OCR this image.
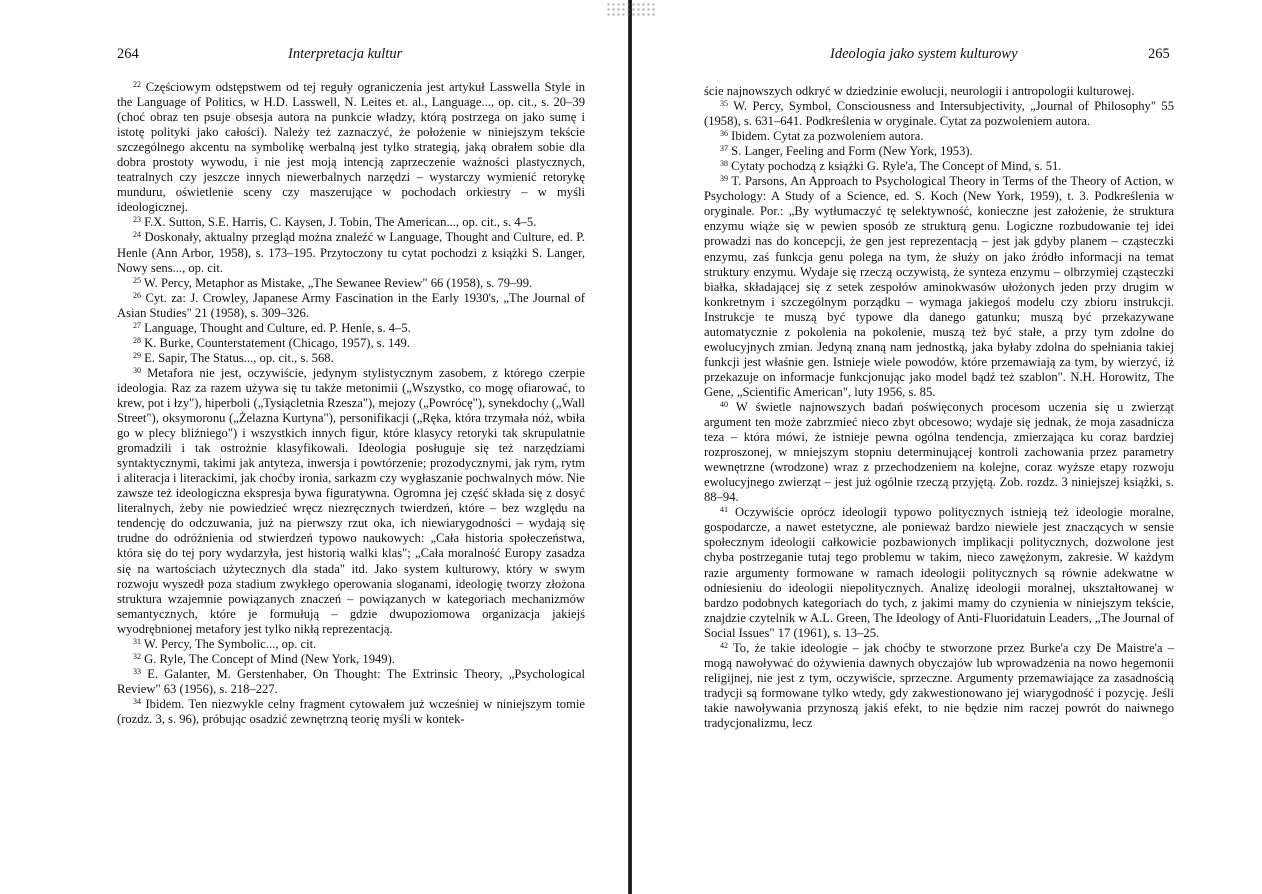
264	Interpretacja kultur

$^{22}$ Częściowym odstępstwem od tej reguły ograniczenia jest artykuł Lasswella Style in the Language of Politics, w H.D. Lasswell, N. Leites et. al., Language..., op. cit., s. 20–39 (choć obraz ten psuje obsesja autora na punkcie władzy, którą postrzega on jako sumę i istotę polityki jako całości). Należy też zaznaczyć, że położenie w niniejszym tekście szczególnego akcentu na symbolikę werbalną jest tylko strategią, jaką obrałem sobie dla dobra prostoty wywodu, i nie jest moją intencją zaprzeczenie ważności plastycznych, teatralnych czy jeszcze innych niewerbalnych narzędzi – wystarczy wymienić retorykę munduru, oświetlenie sceny czy maszerujące w pochodach orkiestry – w myśli ideologicznej.

$^{23}$ F.X. Sutton, S.E. Harris, C. Kaysen, J. Tobin, The American..., op. cit., s. 4–5.

$^{24}$ Doskonały, aktualny przegląd można znaleźć w Language, Thought and Culture, ed. P. Henle (Ann Arbor, 1958), s. 173–195. Przytoczony tu cytat pochodzi z książki S. Langer, Nowy sens..., op. cit.

$^{25}$ W. Percy, Metaphor as Mistake, „The Sewanee Review" 66 (1958), s. 79–99.

$^{26}$ Cyt. za: J. Crowley, Japanese Army Fascination in the Early 1930's, „The Journal of Asian Studies" 21 (1958), s. 309–326.

$^{27}$ Language, Thought and Culture, ed. P. Henle, s. 4–5.

$^{28}$ K. Burke, Counterstatement (Chicago, 1957), s. 149.

$^{29}$ E. Sapir, The Status..., op. cit., s. 568.

$^{30}$ Metafora nie jest, oczywiście, jedynym stylistycznym zasobem, z którego czerpie ideologia. Raz za razem używa się tu także metonimii („Wszystko, co mogę ofiarować, to krew, pot i łzy"), hiperboli („Tysiącletnia Rzesza"), mejozy („Powrócę"), synekdochy („Wall Street"), oksymoronu („Żelazna Kurtyna"), personifikacji („Ręka, która trzymała nóż, wbiła go w plecy bliźniego") i wszystkich innych figur, które klasycy retoryki tak skrupulatnie gromadzili i tak ostrożnie klasyfikowali. Ideologia posługuje się też narzędziami syntaktycznymi, takimi jak antyteza, inwersja i powtórzenie; prozodycznymi, jak rym, rytm i aliteracja i literackimi, jak choćby ironia, sarkazm czy wygłaszanie pochwalnych mów. Nie zawsze też ideologiczna ekspresja bywa figuratywna. Ogromna jej część składa się z dosyć literalnych, żeby nie powiedzieć wręcz niezręcznych twierdzeń, które – bez względu na tendencję do odczuwania, już na pierwszy rzut oka, ich niewiarygodności – wydają się trudne do odróżnienia od stwierdzeń typowo naukowych: „Cała historia społeczeństwa, która się do tej pory wydarzyła, jest historią walki klas"; „Cała moralność Europy zasadza się na wartościach użytecznych dla stada" itd. Jako system kulturowy, który w swym rozwoju wyszedł poza stadium zwykłego operowania sloganami, ideologię tworzy złożona struktura wzajemnie powiązanych znaczeń – powiązanych w kategoriach mechanizmów semantycznych, które je formułują – gdzie dwupoziomowa organizacja jakiejś wyodrębnionej metafory jest tylko nikłą reprezentacją.

$^{31}$ W. Percy, The Symbolic..., op. cit.

$^{32}$ G. Ryle, The Concept of Mind (New York, 1949).

$^{33}$ E. Galanter, M. Gerstenhaber, On Thought: The Extrinsic Theory, „Psychological Review" 63 (1956), s. 218–227.

$^{34}$ Ibidem. Ten niezwykle celny fragment cytowałem już wcześniej w niniejszym tomie (rozdz. 3, s. 96), próbując osadzić zewnętrzną teorię myśli w kontek-

Ideologia jako system kulturowy	265

ście najnowszych odkryć w dziedzinie ewolucji, neurologii i antropologii kulturowej.

$^{35}$ W. Percy, Symbol, Consciousness and Intersubjectivity, „Journal of Philosophy" 55 (1958), s. 631–641. Podkreślenia w oryginale. Cytat za pozwoleniem autora.

$^{36}$ Ibidem. Cytat za pozwoleniem autora.

$^{37}$ S. Langer, Feeling and Form (New York, 1953).

$^{38}$ Cytaty pochodzą z książki G. Ryle'a, The Concept of Mind, s. 51.

$^{39}$ T. Parsons, An Approach to Psychological Theory in Terms of the Theory of Action, w Psychology: A Study of a Science, ed. S. Koch (New York, 1959), t. 3. Podkreślenia w oryginale. Por.: „By wytłumaczyć tę selektywność, konieczne jest założenie, że struktura enzymu wiąże się w pewien sposób ze strukturą genu. Logiczne rozbudowanie tej idei prowadzi nas do koncepcji, że gen jest reprezentacją – jest jak gdyby planem – cząsteczki enzymu, zaś funkcja genu polega na tym, że służy on jako źródło informacji na temat struktury enzymu. Wydaje się rzeczą oczywistą, że synteza enzymu – olbrzymiej cząsteczki białka, składającej się z setek zespołów aminokwasów ułożonych jeden przy drugim w konkretnym i szczególnym porządku – wymaga jakiegoś modelu czy zbioru instrukcji. Instrukcje te muszą być typowe dla danego gatunku; muszą być przekazywane automatycznie z pokolenia na pokolenie, muszą też być stałe, a przy tym zdolne do ewolucyjnych zmian. Jedyną znaną nam jednostką, jaka byłaby zdolna do spełniania takiej funkcji jest właśnie gen. Istnieje wiele powodów, które przemawiają za tym, by wierzyć, iż przekazuje on informacje funkcjonując jako model bądź też szablon". N.H. Horowitz, The Gene, „Scientific American", luty 1956, s. 85.

$^{40}$ W świetle najnowszych badań poświęconych procesom uczenia się u zwierząt argument ten może zabrzmieć nieco zbyt obcesowo; wydaje się jednak, że moja zasadnicza teza – która mówi, że istnieje pewna ogólna tendencja, zmierzająca ku coraz bardziej rozproszonej, w mniejszym stopniu determinującej kontroli zachowania przez parametry wewnętrzne (wrodzone) wraz z przechodzeniem na kolejne, coraz wyższe etapy rozwoju ewolucyjnego zwierząt – jest już ogólnie rzeczą przyjętą. Zob. rozdz. 3 niniejszej książki, s. 88–94.

$^{41}$ Oczywiście oprócz ideologii typowo politycznych istnieją też ideologie moralne, gospodarcze, a nawet estetyczne, ale ponieważ bardzo niewiele jest znaczących w sensie społecznym ideologii całkowicie pozbawionych implikacji politycznych, dozwolone jest chyba postrzeganie tutaj tego problemu w takim, nieco zawężonym, zakresie. W każdym razie argumenty formowane w ramach ideologii politycznych są równie adekwatne w odniesieniu do ideologii niepolitycznych. Analizę ideologii moralnej, ukształtowanej w bardzo podobnych kategoriach do tych, z jakimi mamy do czynienia w niniejszym tekście, znajdzie czytelnik w A.L. Green, The Ideology of Anti-Fluoridatuin Leaders, „The Journal of Social Issues" 17 (1961), s. 13–25.

$^{42}$ To, że takie ideologie – jak choćby te stworzone przez Burke'a czy De Maistre'a – mogą nawoływać do ożywienia dawnych obyczajów lub wprowadzenia na nowo hegemonii religijnej, nie jest z tym, oczywiście, sprzeczne. Argumenty przemawiające za zasadnością tradycji są formowane tylko wtedy, gdy zakwestionowano jej wiarygodność i pozycję. Jeśli takie nawoływania przynoszą jakiś efekt, to nie będzie nim raczej powrót do naiwnego tradycjonalizmu, lecz
